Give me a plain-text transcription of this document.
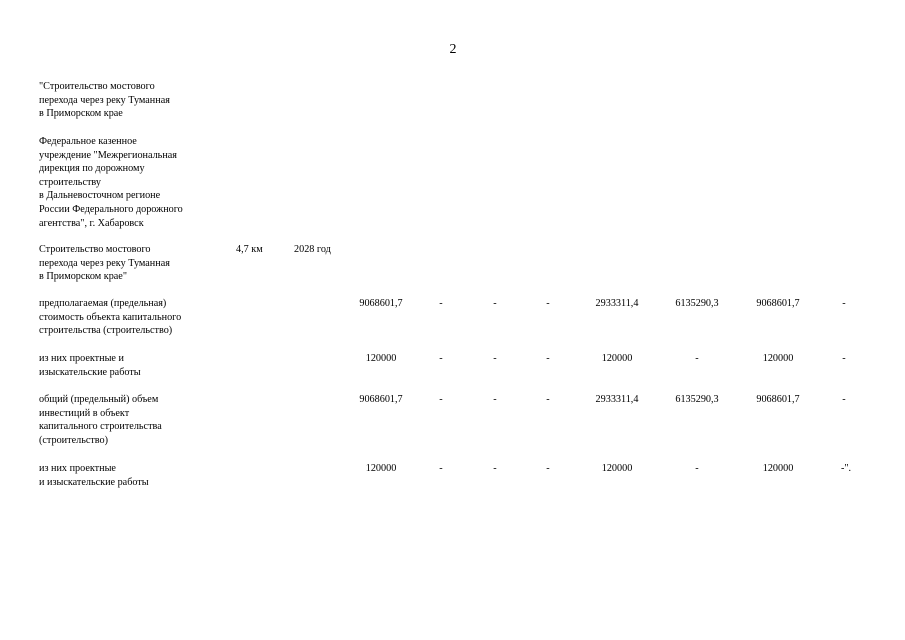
2
"Строительство мостового
перехода через реку Туманная
в Приморском крае
Федеральное казенное
учреждение "Межрегиональная
дирекция по дорожному
строительству
в Дальневосточном регионе
России Федерального дорожного
агентства", г. Хабаровск
Строительство мостового
перехода через реку Туманная
в Приморском крае"
4,7 км	2028 год
предполагаемая (предельная)
стоимость объекта капитального
строительства (строительство)
9068601,7	-	-	-	2933311,4	6135290,3	9068601,7	-
из них проектные и
изыскательские работы
120000	-	-	-	120000	-	120000	-
общий (предельный) объем
инвестиций в объект
капитального строительства
(строительство)
9068601,7	-	-	-	2933311,4	6135290,3	9068601,7	-
из них проектные
и изыскательские работы
120000	-	-	-	120000	-	120000	-".
